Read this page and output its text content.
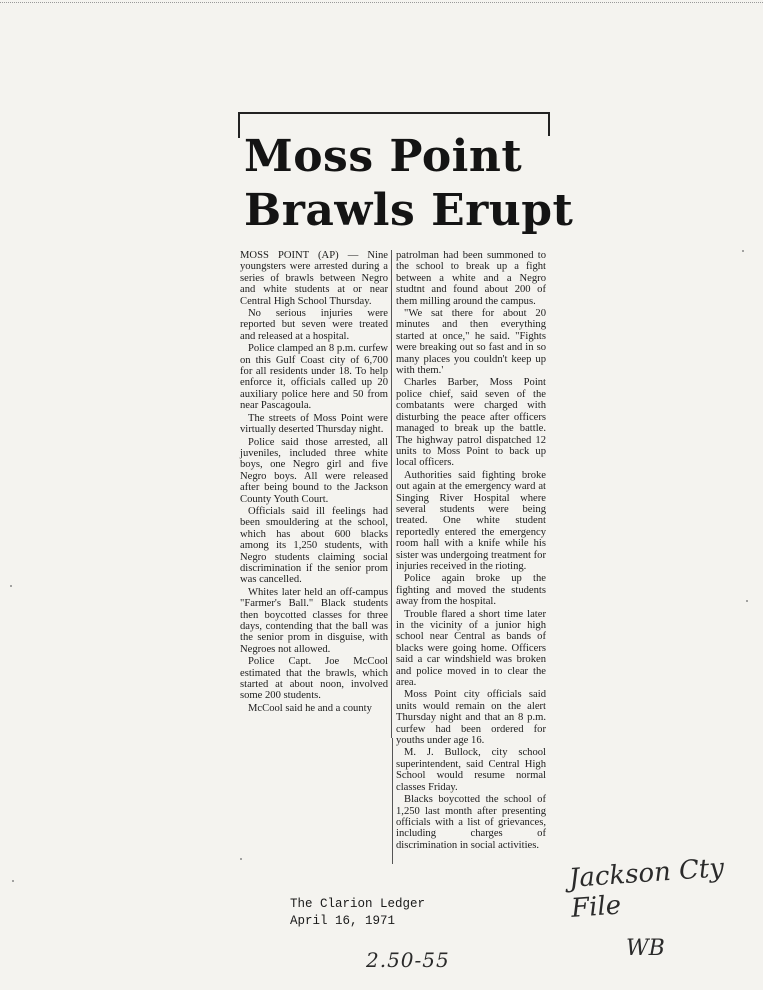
Moss Point
Brawls Erupt

MOSS POINT (AP) — Nine youngsters were arrested during a series of brawls between Negro and white students at or near Central High School Thursday.

No serious injuries were reported but seven were treated and released at a hospital.

Police clamped an 8 p.m. curfew on this Gulf Coast city of 6,700 for all residents under 18. To help enforce it, officials called up 20 auxiliary police here and 50 from near Pascagoula.

The streets of Moss Point were virtually deserted Thursday night.

Police said those arrested, all juveniles, included three white boys, one Negro girl and five Negro boys. All were released after being bound to the Jackson County Youth Court.

Officials said ill feelings had been smouldering at the school, which has about 600 blacks among its 1,250 students, with Negro students claiming social discrimination if the senior prom was cancelled.

Whites later held an off-campus "Farmer's Ball." Black students then boycotted classes for three days, contending that the ball was the senior prom in disguise, with Negroes not allowed.

Police Capt. Joe McCool estimated that the brawls, which started at about noon, involved some 200 students.

McCool said he and a county

patrolman had been summoned to the school to break up a fight between a white and a Negro studtnt and found about 200 of them milling around the campus.

"We sat there for about 20 minutes and then everything started at once," he said. "Fights were breaking out so fast and in so many places you couldn't keep up with them.'

Charles Barber, Moss Point police chief, said seven of the combatants were charged with disturbing the peace after officers managed to break up the battle. The highway patrol dispatched 12 units to Moss Point to back up local officers.

Authorities said fighting broke out again at the emergency ward at Singing River Hospital where several students were being treated. One white student reportedly entered the emergency room hall with a knife while his sister was undergoing treatment for injuries received in the rioting.

Police again broke up the fighting and moved the students away from the hospital.

Trouble flared a short time later in the vicinity of a junior high school near Central as bands of blacks were going home. Officers said a car windshield was broken and police moved in to clear the area.

Moss Point city officials said units would remain on the alert Thursday night and that an 8 p.m. curfew had been ordered for youths under age 16.

M. J. Bullock, city school superintendent, said Central High School would resume normal classes Friday.

Blacks boycotted the school of 1,250 last month after presenting officials with a list of grievances, including charges of discrimination in social activities.

The Clarion Ledger
April 16, 1971
Jackson Cty File
2.50-55	WB
